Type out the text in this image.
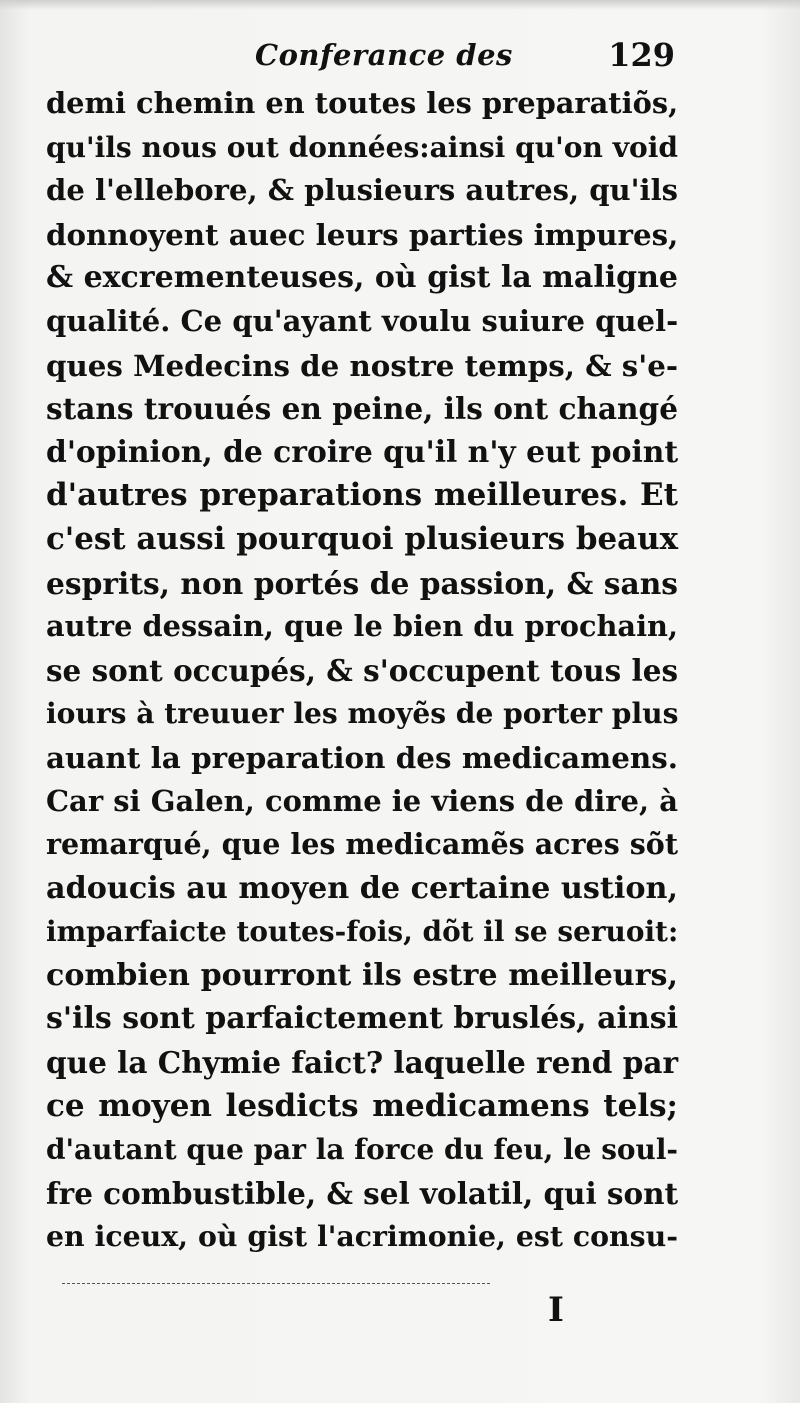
Conferance des	129
demi chemin en toutes les preparatiõs,
qu'ils nous out données:ainsi qu'on void
de l'ellebore, & plusieurs autres, qu'ils
donnoyent auec leurs parties impures,
& excrementeuses, où gist la maligne
qualité. Ce qu'ayant voulu suiure quel-
ques Medecins de nostre temps, & s'e-
stans trouués en peine, ils ont changé
d'opinion, de croire qu'il n'y eut point
d'autres preparations meilleures. Et
c'est aussi pourquoi plusieurs beaux
esprits, non portés de passion, & sans
autre dessain, que le bien du prochain,
se sont occupés, & s'occupent tous les
iours à treuuer les moyẽs de porter plus
auant la preparation des medicamens.
Car si Galen, comme ie viens de dire, à
remarqué, que les medicamẽs acres sõt
adoucis au moyen de certaine ustion,
imparfaicte toutes-fois, dõt il se seruoit:
combien pourront ils estre meilleurs,
s'ils sont parfaictement bruslés, ainsi
que la Chymie faict? laquelle rend par
ce moyen lesdicts medicamens tels;
d'autant que par la force du feu, le soul-
fre combustible, & sel volatil, qui sont
en iceux, où gist l'acrimonie, est consu-
I
